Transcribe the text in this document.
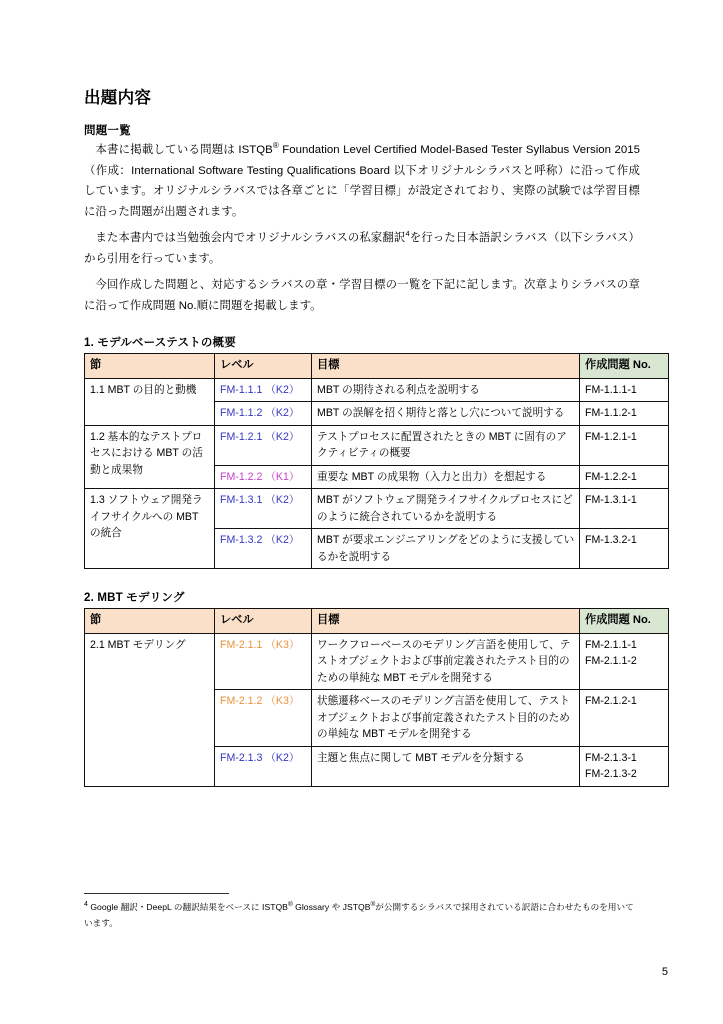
出題内容
問題一覧

本書に掲載している問題は ISTQB® Foundation Level Certified Model-Based Tester Syllabus Version 2015 （作成：International Software Testing Qualifications Board 以下オリジナルシラバスと呼称）に沿って作成しています。オリジナルシラバスでは各章ごとに「学習目標」が設定されており、実際の試験では学習目標に沿った問題が出題されます。

また本書内では当勉強会内でオリジナルシラバスの私家翻訳$^4$を行った日本語訳シラバス（以下シラバス）から引用を行っています。

今回作成した問題と、対応するシラバスの章・学習目標の一覧を下記に記します。次章よりシラバスの章に沿って作成問題 No.順に問題を掲載します。

1. モデルベーステストの概要
節	レベル	目標	作成問題 No.
1.1 MBT の目的と動機	FM-1.1.1 （K2）	MBT の期待される利点を説明する	FM-1.1.1-1
	FM-1.1.2 （K2）	MBT の誤解を招く期待と落とし穴について説明する	FM-1.1.2-1
1.2 基本的なテストプロセスにおける MBT の活動と成果物	FM-1.2.1 （K2）	テストプロセスに配置されたときの MBT に固有のアクティビティの概要	FM-1.2.1-1
	FM-1.2.2 （K1）	重要な MBT の成果物（入力と出力）を想起する	FM-1.2.2-1
1.3 ソフトウェア開発ライフサイクルへの MBT の統合	FM-1.3.1 （K2）	MBT がソフトウェア開発ライフサイクルプロセスにどのように統合されているかを説明する	FM-1.3.1-1
	FM-1.3.2 （K2）	MBT が要求エンジニアリングをどのように支援しているかを説明する	FM-1.3.2-1
2. MBT モデリング
節	レベル	目標	作成問題 No.
2.1 MBT モデリング	FM-2.1.1 （K3）	ワークフローベースのモデリング言語を使用して、テストオブジェクトおよび事前定義されたテスト目的のための単純な MBT モデルを開発する	FM-2.1.1-1
FM-2.1.1-2
	FM-2.1.2 （K3）	状態遷移ベースのモデリング言語を使用して、テストオブジェクトおよび事前定義されたテスト目的のための単純な MBT モデルを開発する	FM-2.1.2-1
	FM-2.1.3 （K2）	主題と焦点に関して MBT モデルを分類する	FM-2.1.3-1
FM-2.1.3-2

$^4$ Google 翻訳・DeepL の翻訳結果をベースに ISTQB® Glossary や JSTQB®が公開するシラバスで採用されている訳語に合わせたものを用いています。

5
